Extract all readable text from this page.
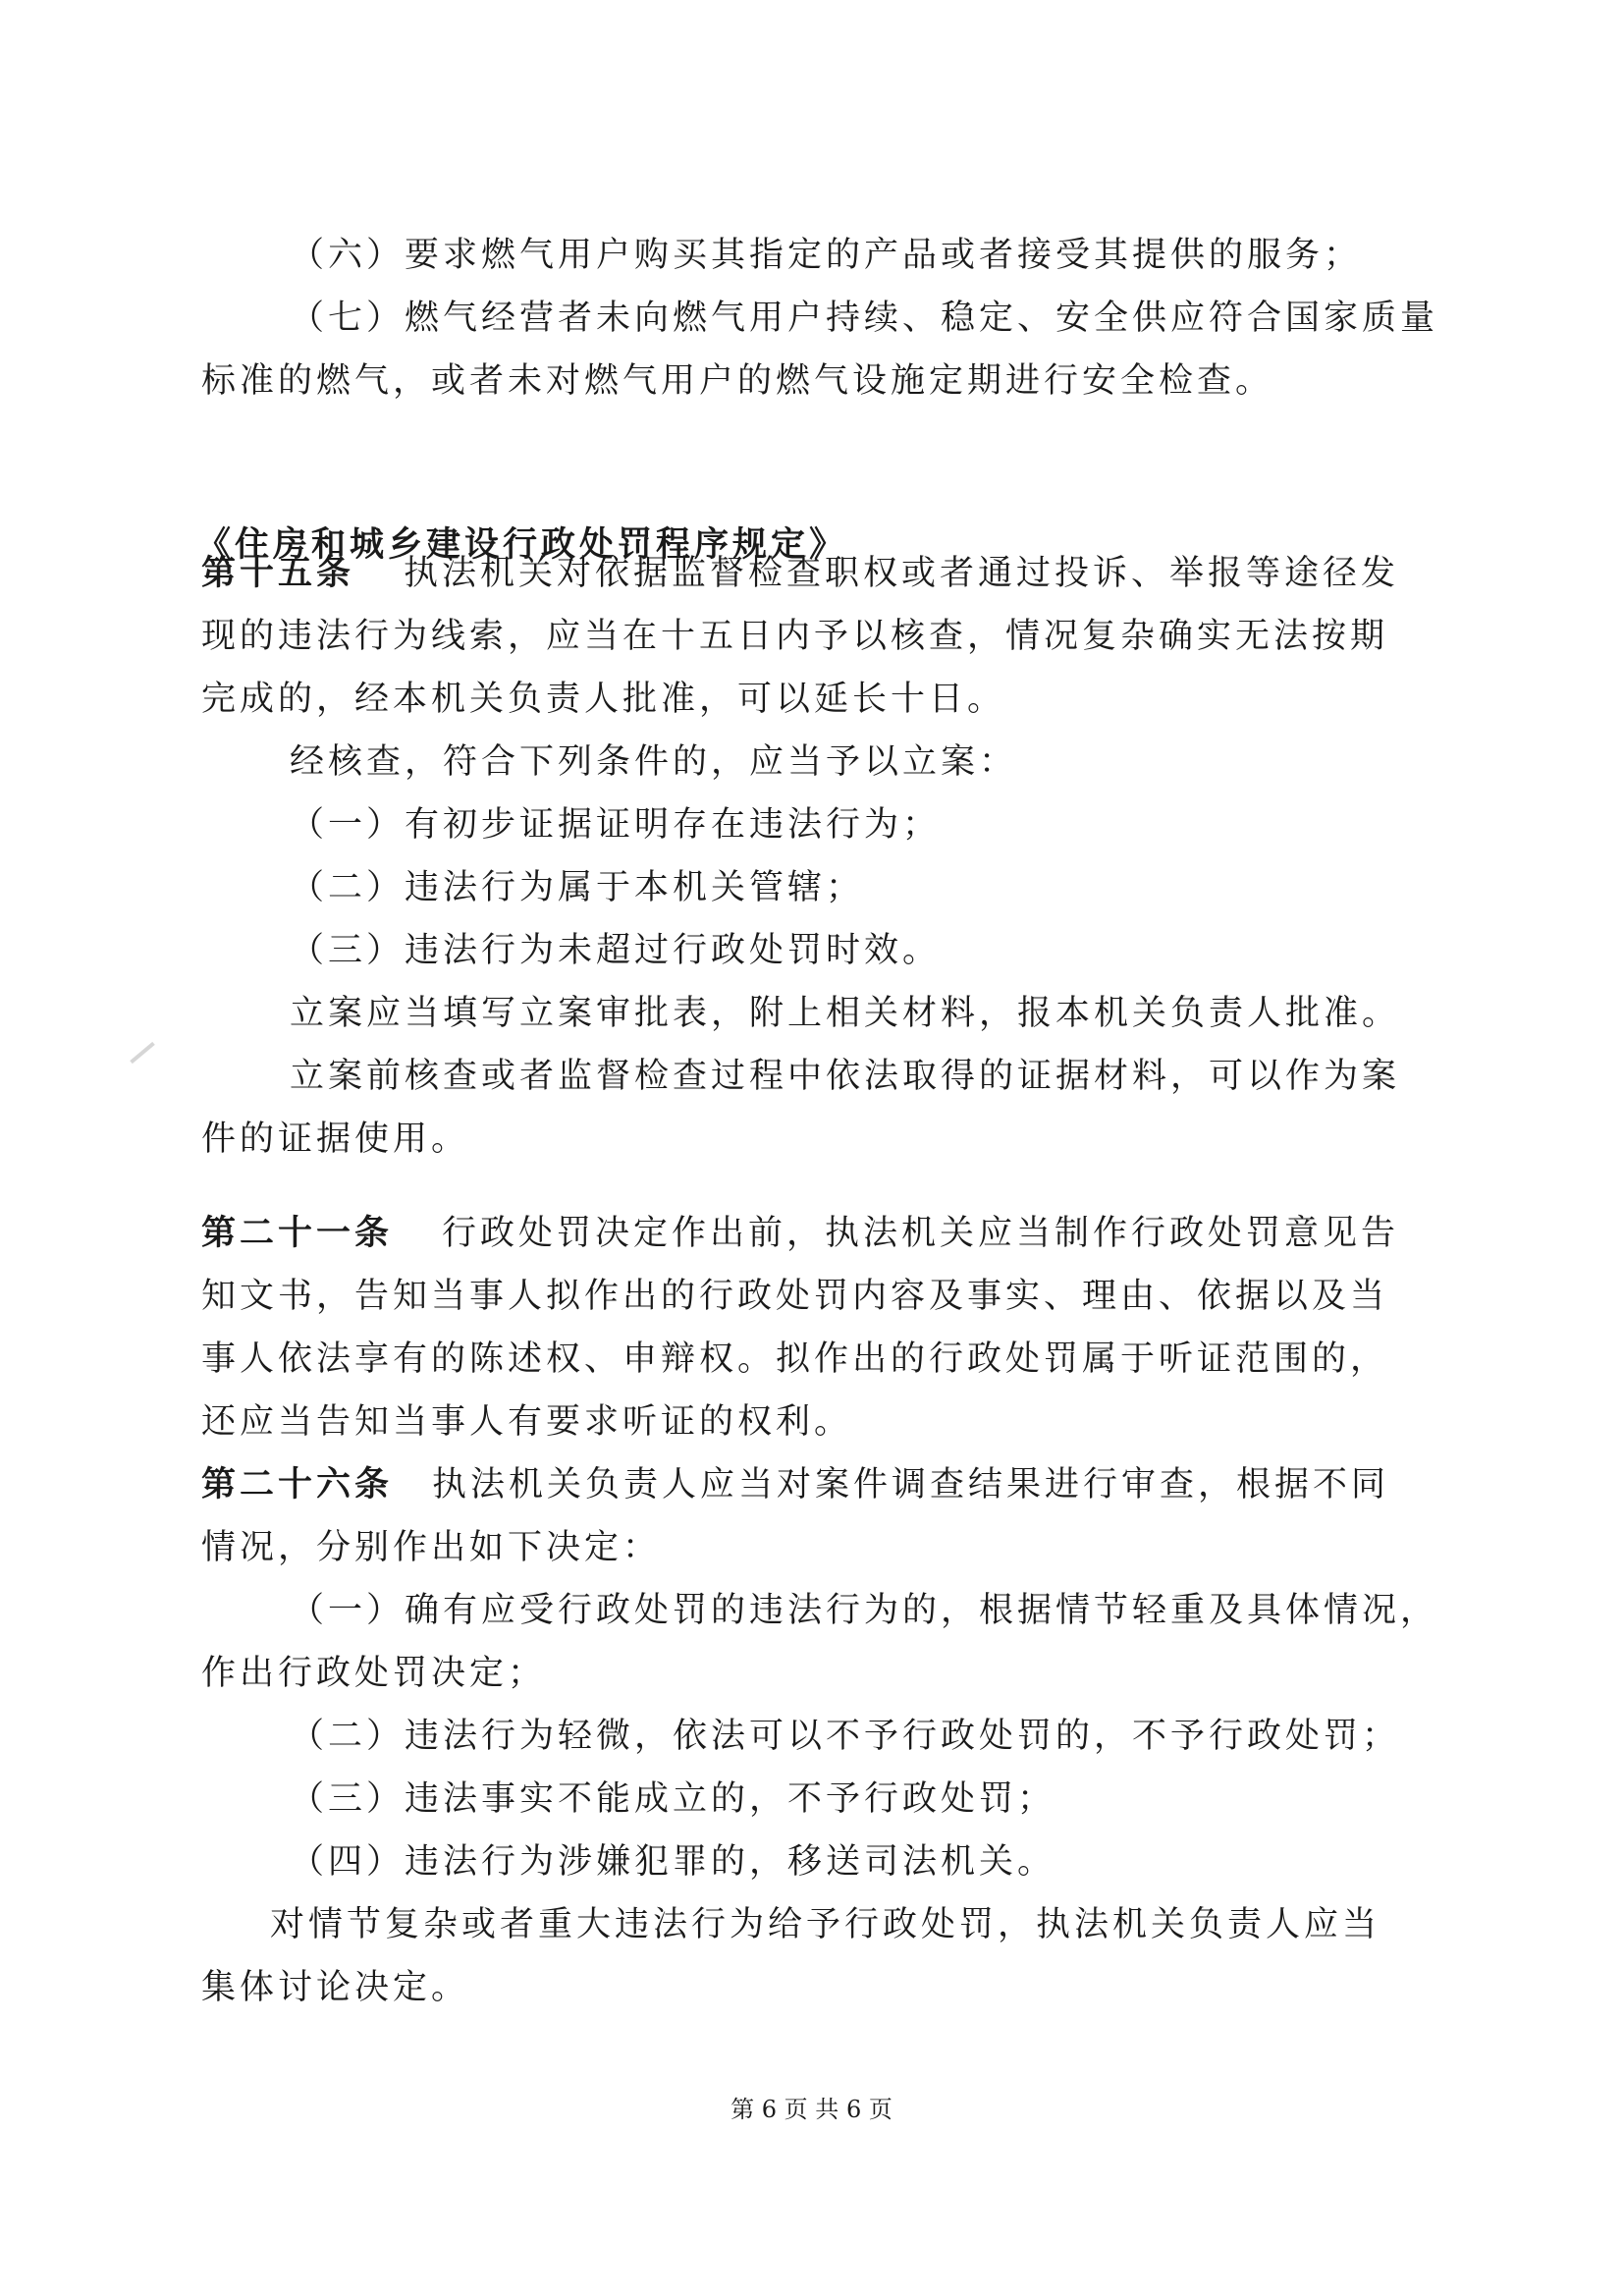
（六）要求燃气用户购买其指定的产品或者接受其提供的服务；

（七）燃气经营者未向燃气用户持续、稳定、安全供应符合国家质量

标准的燃气，或者未对燃气用户的燃气设施定期进行安全检查。

《住房和城乡建设行政处罚程序规定》

第十五条 执法机关对依据监督检查职权或者通过投诉、举报等途径发

现的违法行为线索，应当在十五日内予以核查，情况复杂确实无法按期

完成的，经本机关负责人批准，可以延长十日。

经核查，符合下列条件的，应当予以立案：

（一）有初步证据证明存在违法行为；

（二）违法行为属于本机关管辖；

（三）违法行为未超过行政处罚时效。

立案应当填写立案审批表，附上相关材料，报本机关负责人批准。

立案前核查或者监督检查过程中依法取得的证据材料，可以作为案

件的证据使用。

第二十一条 行政处罚决定作出前，执法机关应当制作行政处罚意见告

知文书，告知当事人拟作出的行政处罚内容及事实、理由、依据以及当

事人依法享有的陈述权、申辩权。拟作出的行政处罚属于听证范围的，

还应当告知当事人有要求听证的权利。

第二十六条 执法机关负责人应当对案件调查结果进行审查，根据不同

情况，分别作出如下决定：

（一）确有应受行政处罚的违法行为的，根据情节轻重及具体情况，

作出行政处罚决定；

（二）违法行为轻微，依法可以不予行政处罚的，不予行政处罚；

（三）违法事实不能成立的，不予行政处罚；

（四）违法行为涉嫌犯罪的，移送司法机关。

对情节复杂或者重大违法行为给予行政处罚，执法机关负责人应当

集体讨论决定。

第 6 页 共 6 页
